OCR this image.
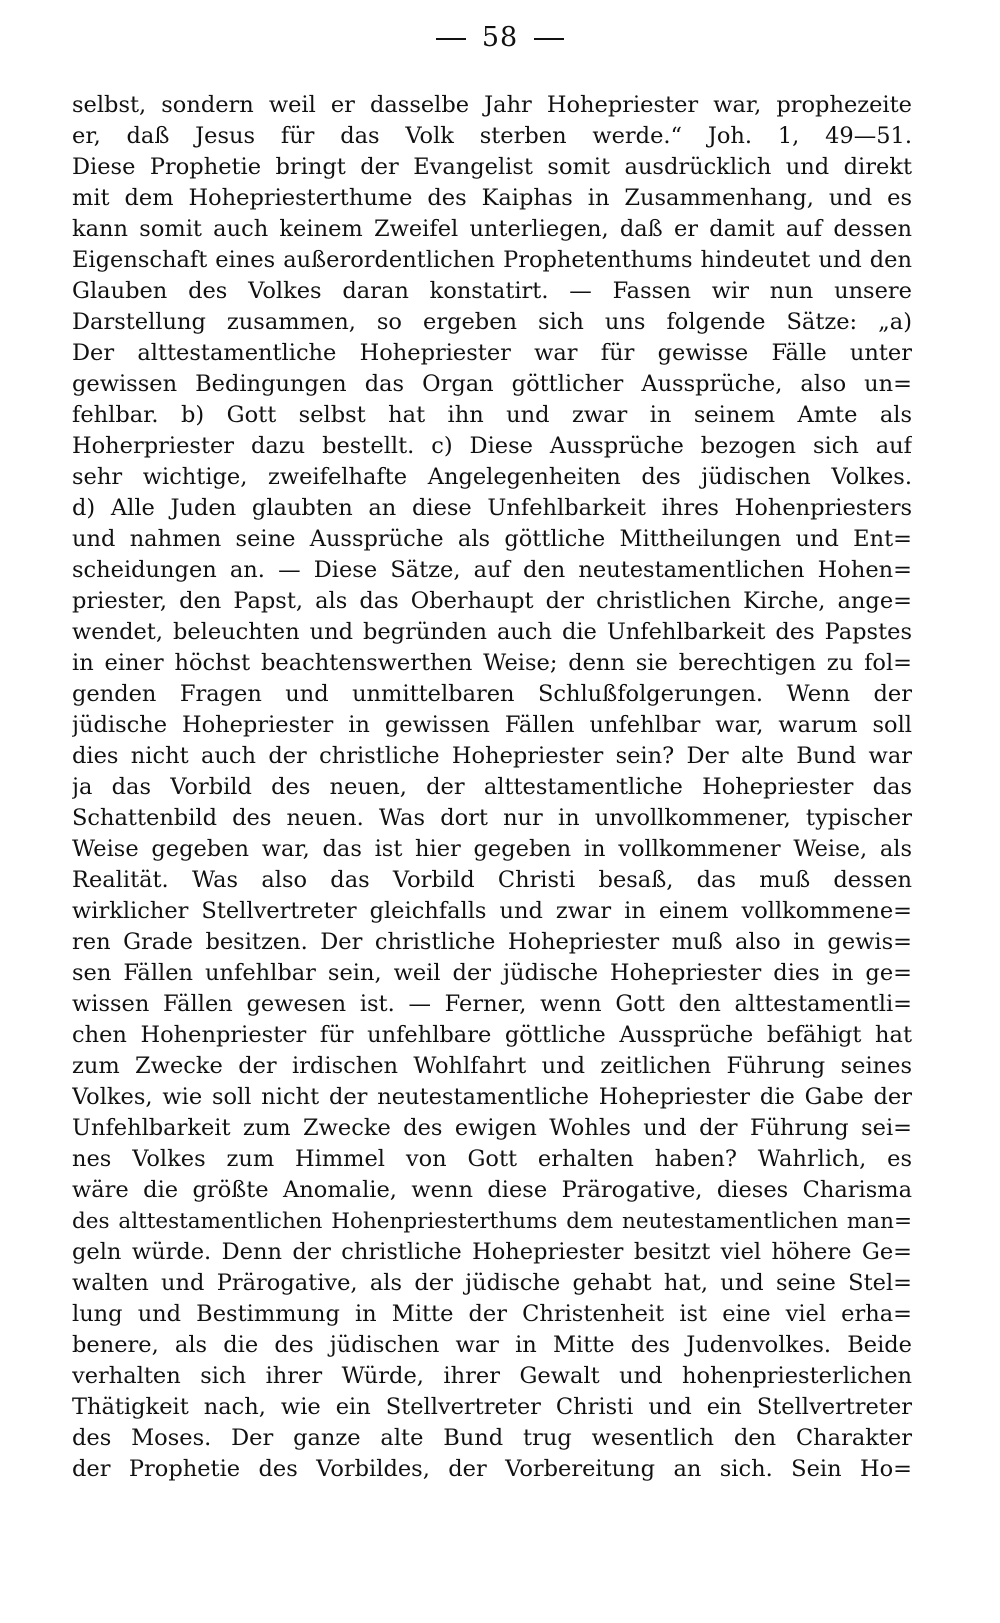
58
selbst, sondern weil er dasselbe Jahr Hohepriester war, prophezeite
er, daß Jesus für das Volk sterben werde.“ Joh. 1, 49—51.
Diese Prophetie bringt der Evangelist somit ausdrücklich und direkt
mit dem Hohepriesterthume des Kaiphas in Zusammenhang, und es
kann somit auch keinem Zweifel unterliegen, daß er damit auf dessen
Eigenschaft eines außerordentlichen Prophetenthums hindeutet und den
Glauben des Volkes daran konstatirt. — Fassen wir nun unsere
Darstellung zusammen, so ergeben sich uns folgende Sätze: „a)
Der alttestamentliche Hohepriester war für gewisse Fälle unter
gewissen Bedingungen das Organ göttlicher Aussprüche, also un=
fehlbar. b) Gott selbst hat ihn und zwar in seinem Amte als
Hoherpriester dazu bestellt. c) Diese Aussprüche bezogen sich auf
sehr wichtige, zweifelhafte Angelegenheiten des jüdischen Volkes.
d) Alle Juden glaubten an diese Unfehlbarkeit ihres Hohenpriesters
und nahmen seine Aussprüche als göttliche Mittheilungen und Ent=
scheidungen an. — Diese Sätze, auf den neutestamentlichen Hohen=
priester, den Papst, als das Oberhaupt der christlichen Kirche, ange=
wendet, beleuchten und begründen auch die Unfehlbarkeit des Papstes
in einer höchst beachtenswerthen Weise; denn sie berechtigen zu fol=
genden Fragen und unmittelbaren Schlußfolgerungen. Wenn der
jüdische Hohepriester in gewissen Fällen unfehlbar war, warum soll
dies nicht auch der christliche Hohepriester sein? Der alte Bund war
ja das Vorbild des neuen, der alttestamentliche Hohepriester das
Schattenbild des neuen. Was dort nur in unvollkommener, typischer
Weise gegeben war, das ist hier gegeben in vollkommener Weise, als
Realität. Was also das Vorbild Christi besaß, das muß dessen
wirklicher Stellvertreter gleichfalls und zwar in einem vollkommene=
ren Grade besitzen. Der christliche Hohepriester muß also in gewis=
sen Fällen unfehlbar sein, weil der jüdische Hohepriester dies in ge=
wissen Fällen gewesen ist. — Ferner, wenn Gott den alttestamentli=
chen Hohenpriester für unfehlbare göttliche Aussprüche befähigt hat
zum Zwecke der irdischen Wohlfahrt und zeitlichen Führung seines
Volkes, wie soll nicht der neutestamentliche Hohepriester die Gabe der
Unfehlbarkeit zum Zwecke des ewigen Wohles und der Führung sei=
nes Volkes zum Himmel von Gott erhalten haben? Wahrlich, es
wäre die größte Anomalie, wenn diese Prärogative, dieses Charisma
des alttestamentlichen Hohenpriesterthums dem neutestamentlichen man=
geln würde. Denn der christliche Hohepriester besitzt viel höhere Ge=
walten und Prärogative, als der jüdische gehabt hat, und seine Stel=
lung und Bestimmung in Mitte der Christenheit ist eine viel erha=
benere, als die des jüdischen war in Mitte des Judenvolkes. Beide
verhalten sich ihrer Würde, ihrer Gewalt und hohenpriesterlichen
Thätigkeit nach, wie ein Stellvertreter Christi und ein Stellvertreter
des Moses. Der ganze alte Bund trug wesentlich den Charakter
der Prophetie des Vorbildes, der Vorbereitung an sich. Sein Ho=
